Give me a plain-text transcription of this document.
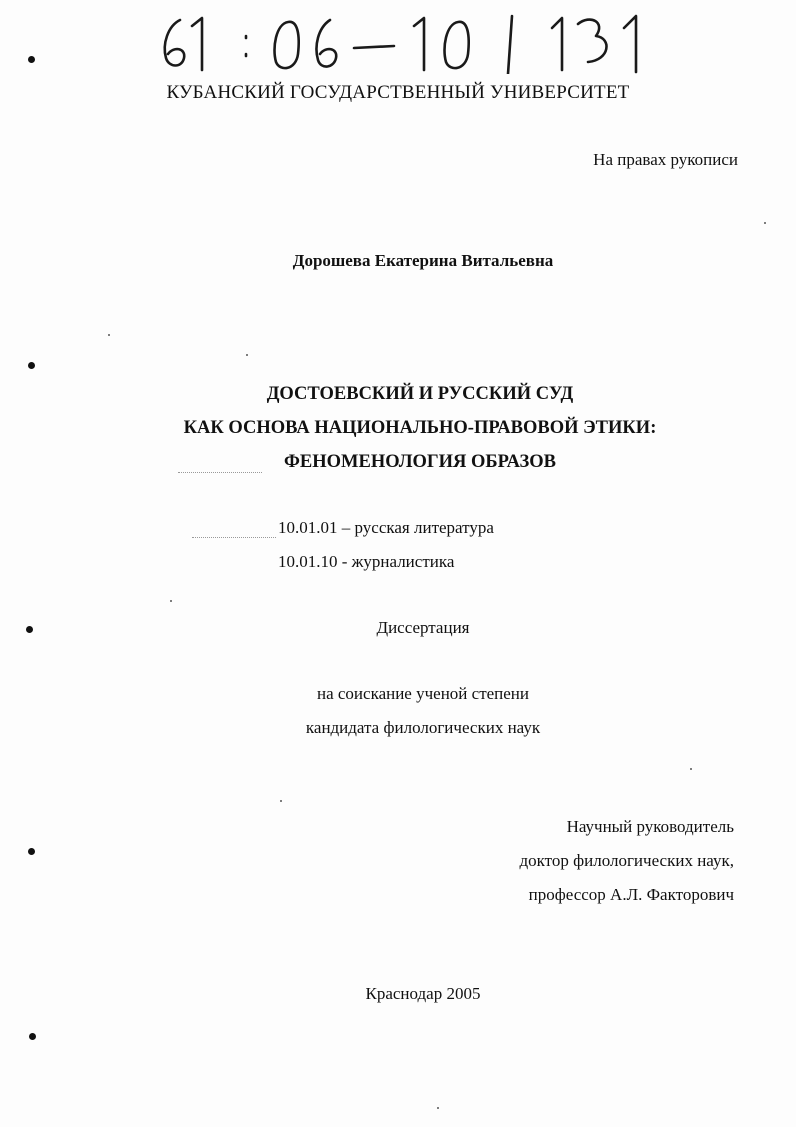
КУБАНСКИЙ ГОСУДАРСТВЕННЫЙ УНИВЕРСИТЕТ
На правах рукописи
Дорошева Екатерина Витальевна
ДОСТОЕВСКИЙ И РУССКИЙ СУД
КАК ОСНОВА НАЦИОНАЛЬНО-ПРАВОВОЙ ЭТИКИ:
ФЕНОМЕНОЛОГИЯ ОБРАЗОВ
10.01.01 – русская литература
10.01.10 - журналистика
Диссертация
на соискание ученой степени
кандидата филологических наук
Научный руководитель
доктор филологических наук,
профессор А.Л. Факторович
Краснодар 2005
